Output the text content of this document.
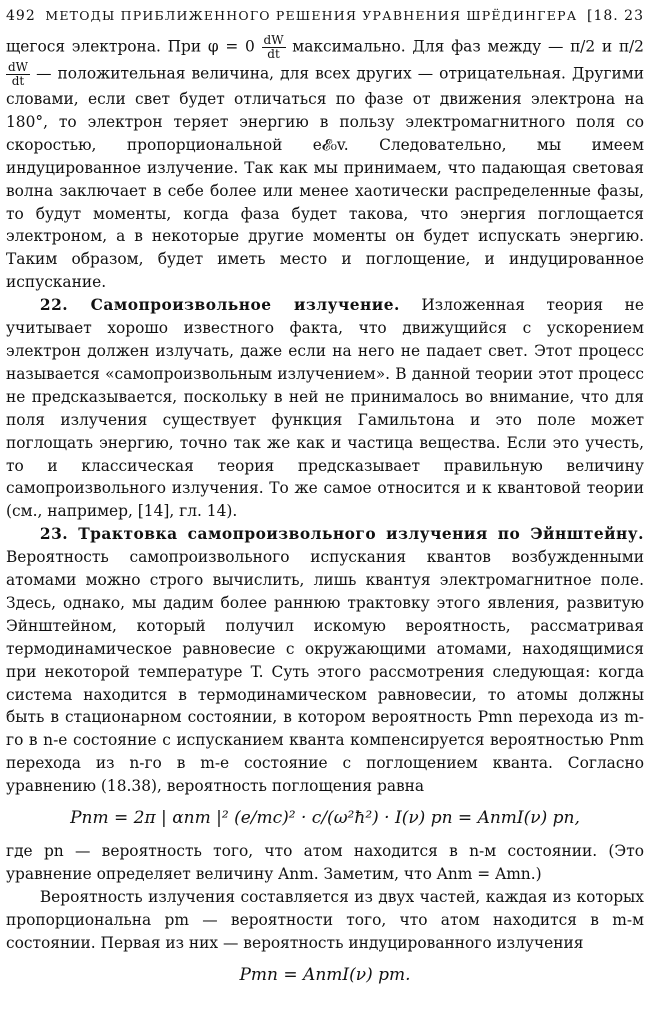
492 МЕТОДЫ ПРИБЛИЖЕННОГО РЕШЕНИЯ УРАВНЕНИЯ ШРЁДИНГЕРА [18. 23

щегося электрона. При $\varphi = 0 \frac{dW}{dt}$ максимально. Для фаз между — π/2 и π/2
$\frac{dW}{dt}$ — положительная величина, для всех других — отрицательная. Другими словами, если свет будет отличаться по фазе от движения электрона на 180°, то электрон теряет энергию в пользу электромагнитного поля со скоростью, пропорциональной e𝓔₀v. Следовательно, мы имеем индуцированное излучение. Так как мы принимаем, что падающая световая волна заключает в себе более или менее хаотически распределенные фазы, то будут моменты, когда фаза будет такова, что энергия поглощается электроном, а в некоторые другие моменты он будет испускать энергию. Таким образом, будет иметь место и поглощение, и индуцированное испускание.

22. Самопроизвольное излучение. Изложенная теория не учитывает хорошо известного факта, что движущийся с ускорением электрон должен излучать, даже если на него не падает свет. Этот процесс называется «самопроизвольным излучением». В данной теории этот процесс не предсказывается, поскольку в ней не принималось во внимание, что для поля излучения существует функция Гамильтона и это поле может поглощать энергию, точно так же как и частица вещества. Если это учесть, то и классическая теория предсказывает правильную величину самопроизвольного излучения. То же самое относится и к квантовой теории (см., например, [14], гл. 14).

23. Трактовка самопроизвольного излучения по Эйнштейну. Вероятность самопроизвольного испускания квантов возбужденными атомами можно строго вычислить, лишь квантуя электромагнитное поле. Здесь, однако, мы дадим более раннюю трактовку этого явления, развитую Эйнштейном, который получил искомую вероятность, рассматривая термодинамическое равновесие с окружающими атомами, находящимися при некоторой температуре T. Суть этого рассмотрения следующая: когда система находится в термодинамическом равновесии, то атомы должны быть в стационарном состоянии, в котором вероятность Pmn перехода из m-го в n-е состояние с испусканием кванта компенсируется вероятностью Pnm перехода из n-го в m-е состояние с поглощением кванта. Согласно уравнению (18.38), вероятность поглощения равна

Pnm = 2π | αnm |² (e/mc)² · c/(ω²ħ²) · I(ν) pn = AnmI(ν) pn,

где pn — вероятность того, что атом находится в n-м состоянии. (Это уравнение определяет величину Anm. Заметим, что Anm = Amn.)

Вероятность излучения составляется из двух частей, каждая из которых пропорциональна pm — вероятности того, что атом находится в m-м состоянии. Первая из них — вероятность индуцированного излучения

Pmn = AnmI(ν) pm.
